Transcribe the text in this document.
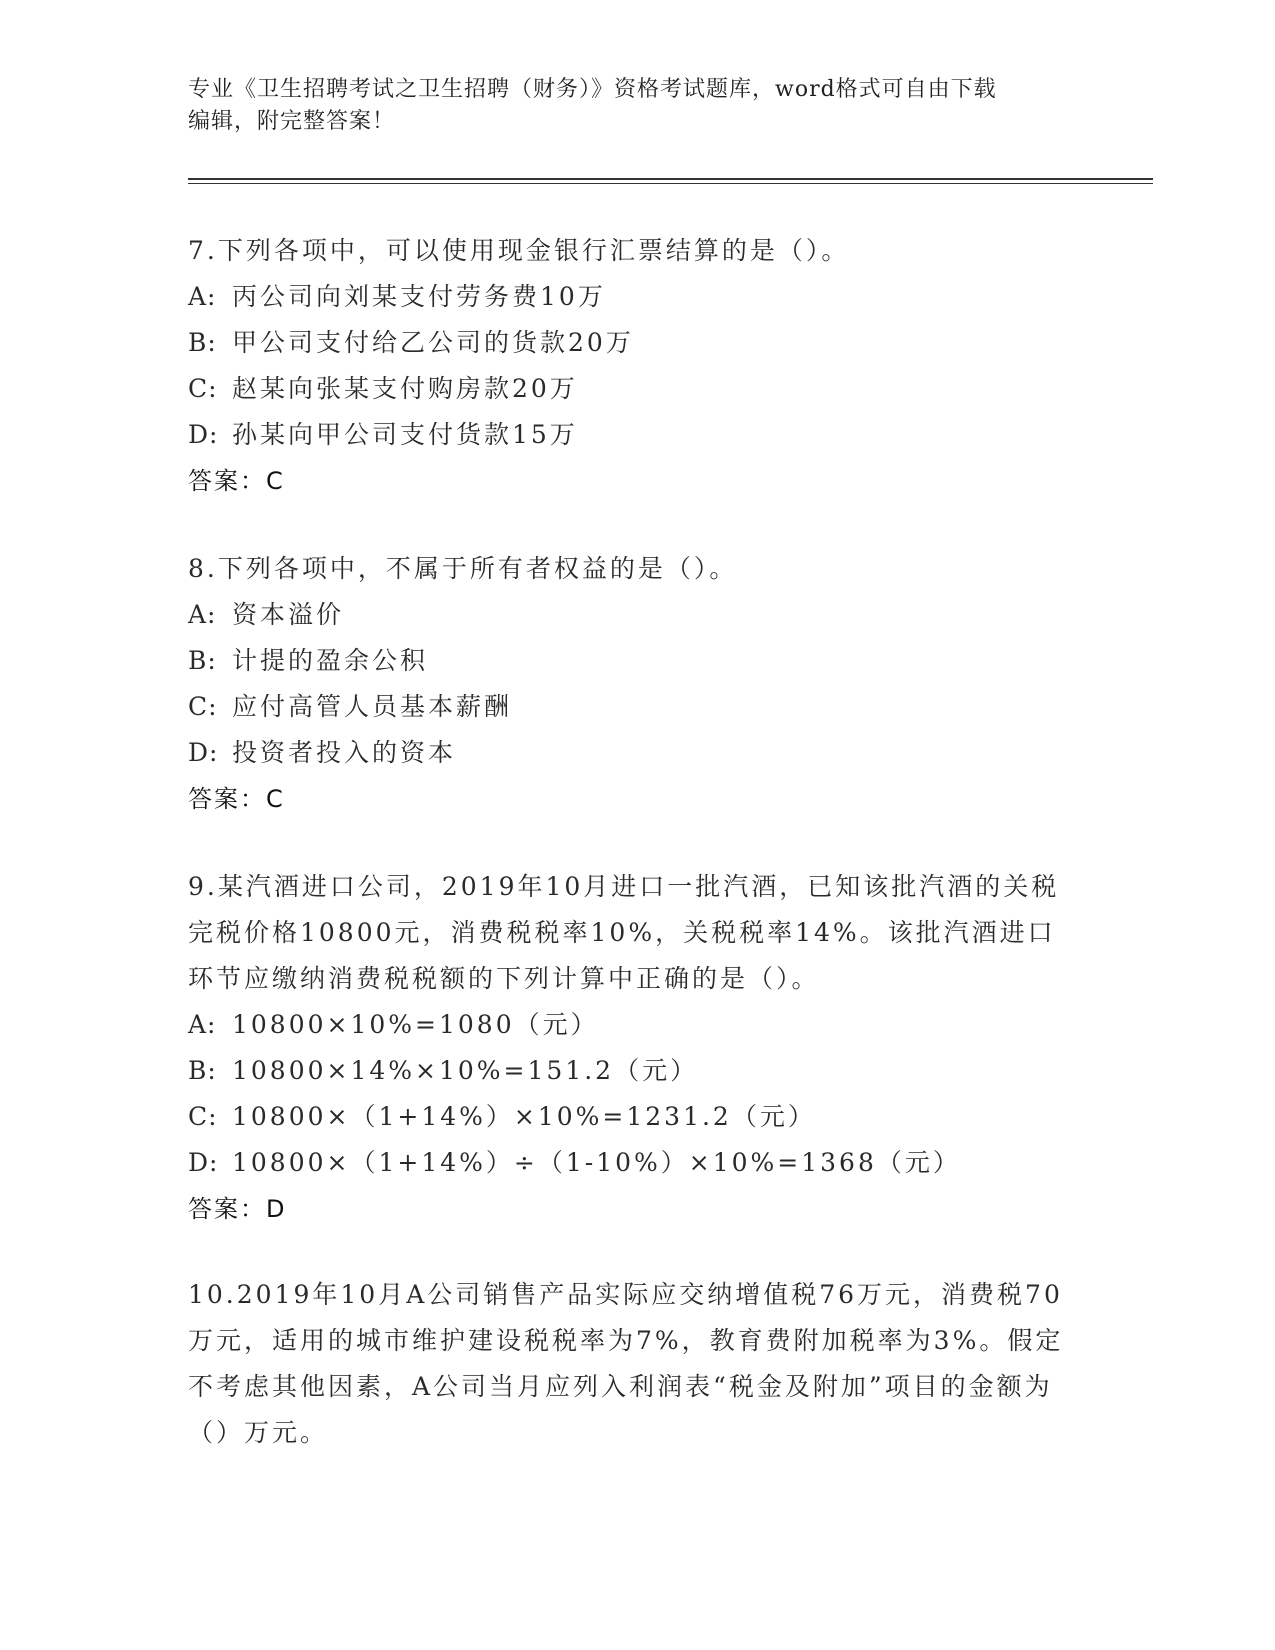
专业《卫生招聘考试之卫生招聘（财务）》资格考试题库，word格式可自由下载
编辑，附完整答案！
7.下列各项中，可以使用现金银行汇票结算的是（）。
A: 丙公司向刘某支付劳务费10万
B: 甲公司支付给乙公司的货款20万
C: 赵某向张某支付购房款20万
D: 孙某向甲公司支付货款15万
答案：C
8.下列各项中，不属于所有者权益的是（）。
A: 资本溢价
B: 计提的盈余公积
C: 应付高管人员基本薪酬
D: 投资者投入的资本
答案：C
9.某汽酒进口公司，2019年10月进口一批汽酒，已知该批汽酒的关税完税价格10800元，消费税税率10%，关税税率14%。该批汽酒进口环节应缴纳消费税税额的下列计算中正确的是（）。
A: 10800×10%=1080（元）
B: 10800×14%×10%=151.2（元）
C: 10800×（1+14%）×10%=1231.2（元）
D: 10800×（1+14%）÷（1-10%）×10%=1368（元）
答案：D
10.2019年10月A公司销售产品实际应交纳增值税76万元，消费税70万元，适用的城市维护建设税税率为7%，教育费附加税率为3%。假定不考虑其他因素，A公司当月应列入利润表“税金及附加”项目的金额为（）万元。
